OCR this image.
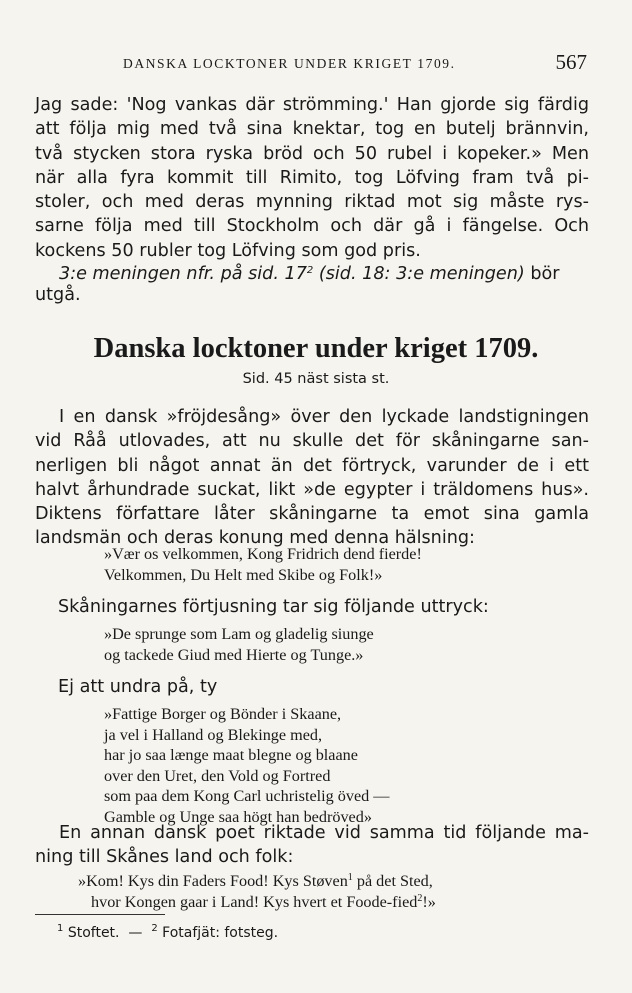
DANSKA LOCKTONER UNDER KRIGET 1709.	567
Jag sade: 'Nog vankas där strömming.' Han gjorde sig färdig
att följa mig med två sina knektar, tog en butelj brännvin,
två stycken stora ryska bröd och 50 rubel i kopeker.» Men
när alla fyra kommit till Rimito, tog Löfving fram två pi-
stoler, och med deras mynning riktad mot sig måste rys-
sarne följa med till Stockholm och där gå i fängelse. Och
kockens 50 rubler tog Löfving som god pris.
3:e meningen nfr. på sid. $17^2$ (sid. 18: 3:e meningen) bör
utgå.
Danska locktoner under kriget 1709.
Sid. 45 näst sista st.
I en dansk »fröjdesång» över den lyckade landstigningen
vid Råå utlovades, att nu skulle det för skåningarne san-
nerligen bli något annat än det förtryck, varunder de i ett
halvt århundrade suckat, likt »de egypter i träldomens hus».
Diktens författare låter skåningarne ta emot sina gamla
landsmän och deras konung med denna hälsning:
»Vær os velkommen, Kong Fridrich dend fierde!
Velkommen, Du Helt med Skibe og Folk!»
Skåningarnes förtjusning tar sig följande uttryck:
»De sprunge som Lam og gladelig siunge
og tackede Giud med Hierte og Tunge.»
Ej att undra på, ty
»Fattige Borger og Bönder i Skaane,
ja vel i Halland og Blekinge med,
har jo saa længe maat blegne og blaane
over den Uret, den Vold og Fortred
som paa dem Kong Carl uchristelig öved —
Gamble og Unge saa högt han bedröved»
En annan dansk poet riktade vid samma tid följande ma-
ning till Skånes land och folk:
»Kom! Kys din Faders Food! Kys Støven$^1$ på det Sted,
hvor Kongen gaar i Land! Kys hvert et Foode-fied$^2$!»
$^1$ Stoftet. — $^2$ Fotafjät: fotsteg.
